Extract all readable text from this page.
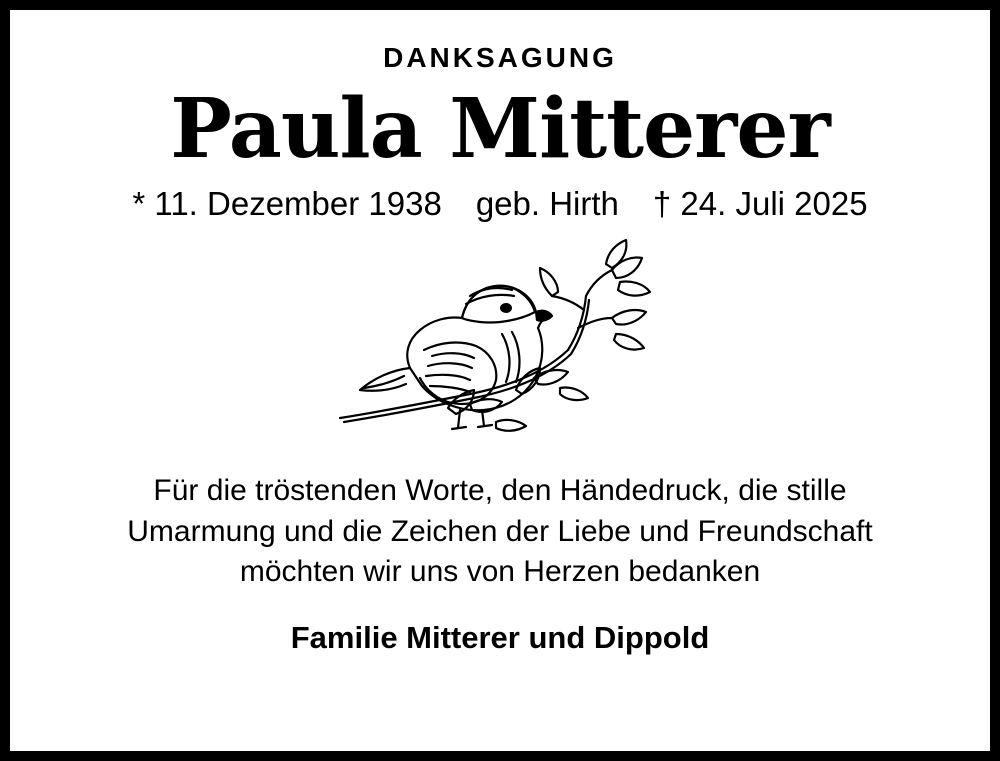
DANKSAGUNG
Paula Mitterer
* 11. Dezember 1938 geb. Hirth † 24. Juli 2025
Für die tröstenden Worte, den Händedruck, die stille
Umarmung und die Zeichen der Liebe und Freundschaft
möchten wir uns von Herzen bedanken
Familie Mitterer und Dippold
